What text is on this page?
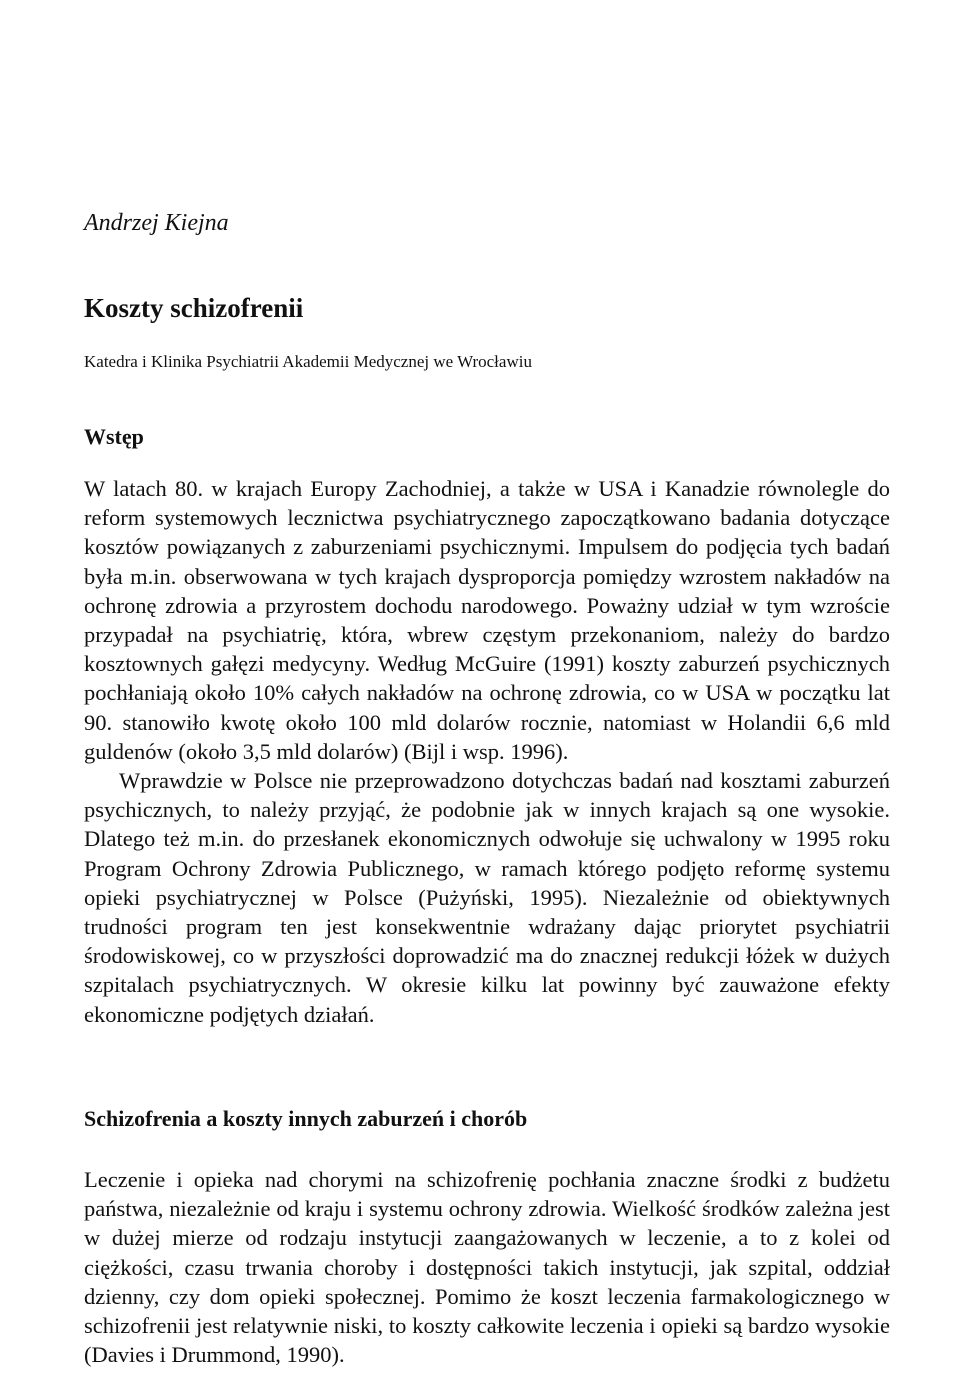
Andrzej Kiejna
Koszty schizofrenii

Katedra i Klinika Psychiatrii Akademii Medycznej we Wrocławiu

Wstęp

W latach 80. w krajach Europy Zachodniej, a także w USA i Kanadzie równolegle do reform systemowych lecznictwa psychiatrycznego zapoczątkowano badania dotyczące kosztów powiązanych z zaburzeniami psychicznymi. Impulsem do podjęcia tych badań była m.in. obserwowana w tych krajach dysproporcja pomiędzy wzrostem nakładów na ochronę zdrowia a przyrostem dochodu narodowego. Poważny udział w tym wzroście przypadał na psychiatrię, która, wbrew częstym przekonaniom, należy do bardzo kosztownych gałęzi medycyny. Według McGuire (1991) koszty zaburzeń psychicznych pochłaniają około 10% całych nakładów na ochronę zdrowia, co w USA w początku lat 90. stanowiło kwotę około 100 mld dolarów rocznie, natomiast w Holandii 6,6 mld guldenów (około 3,5 mld dolarów) (Bijl i wsp. 1996).

Wprawdzie w Polsce nie przeprowadzono dotychczas badań nad kosztami zaburzeń psychicznych, to należy przyjąć, że podobnie jak w innych krajach są one wysokie. Dlatego też m.in. do przesłanek ekonomicznych odwołuje się uchwalony w 1995 roku Program Ochrony Zdrowia Publicznego, w ramach którego podjęto reformę systemu opieki psychiatrycznej w Polsce (Pużyński, 1995). Niezależnie od obiektywnych trudności program ten jest konsekwentnie wdrażany dając priorytet psychiatrii środowiskowej, co w przyszłości doprowadzić ma do znacznej redukcji łóżek w dużych szpitalach psychiatrycznych. W okresie kilku lat powinny być zauważone efekty ekonomiczne podjętych działań.

Schizofrenia a koszty innych zaburzeń i chorób

Leczenie i opieka nad chorymi na schizofrenię pochłania znaczne środki z budżetu państwa, niezależnie od kraju i systemu ochrony zdrowia. Wielkość środków zależna jest w dużej mierze od rodzaju instytucji zaangażowanych w leczenie, a to z kolei od ciężkości, czasu trwania choroby i dostępności takich instytucji, jak szpital, oddział dzienny, czy dom opieki społecznej. Pomimo że koszt leczenia farmakologicznego w schizofrenii jest relatywnie niski, to koszty całkowite leczenia i opieki są bardzo wysokie (Davies i Drummond, 1990).
